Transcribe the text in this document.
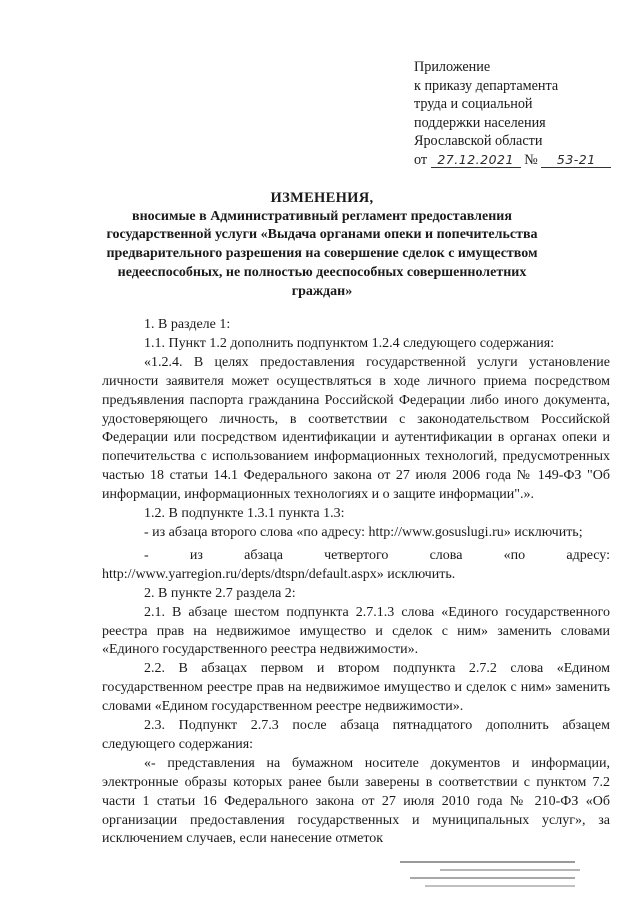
Приложение
к приказу департамента
труда и социальной
поддержки населения
Ярославской области
от 27.12.2021 № 53-21
ИЗМЕНЕНИЯ,
вносимые в Административный регламент предоставления государственной услуги «Выдача органами опеки и попечительства предварительного разрешения на совершение сделок с имуществом недееспособных, не полностью дееспособных совершеннолетних граждан»

1. В разделе 1:

1.1. Пункт 1.2 дополнить подпунктом 1.2.4 следующего содержания:

«1.2.4. В целях предоставления государственной услуги установление личности заявителя может осуществляться в ходе личного приема посредством предъявления паспорта гражданина Российской Федерации либо иного документа, удостоверяющего личность, в соответствии с законодательством Российской Федерации или посредством идентификации и аутентификации в органах опеки и попечительства с использованием информационных технологий, предусмотренных частью 18 статьи 14.1 Федерального закона от 27 июля 2006 года № 149-ФЗ "Об информации, информационных технологиях и о защите информации".».

1.2. В подпункте 1.3.1 пункта 1.3:

- из абзаца второго слова «по адресу: http://www.gosuslugi.ru» исключить;

- из абзаца четвертого слова «по адресу: http://www.yarregion.ru/depts/dtspn/default.aspx» исключить.

2. В пункте 2.7 раздела 2:

2.1. В абзаце шестом подпункта 2.7.1.3 слова «Единого государственного реестра прав на недвижимое имущество и сделок с ним» заменить словами «Единого государственного реестра недвижимости».

2.2. В абзацах первом и втором подпункта 2.7.2 слова «Едином государственном реестре прав на недвижимое имущество и сделок с ним» заменить словами «Едином государственном реестре недвижимости».

2.3. Подпункт 2.7.3 после абзаца пятнадцатого дополнить абзацем следующего содержания:

«- представления на бумажном носителе документов и информации, электронные образы которых ранее были заверены в соответствии с пунктом 7.2 части 1 статьи 16 Федерального закона от 27 июля 2010 года № 210-ФЗ «Об организации предоставления государственных и муниципальных услуг», за исключением случаев, если нанесение отметок
